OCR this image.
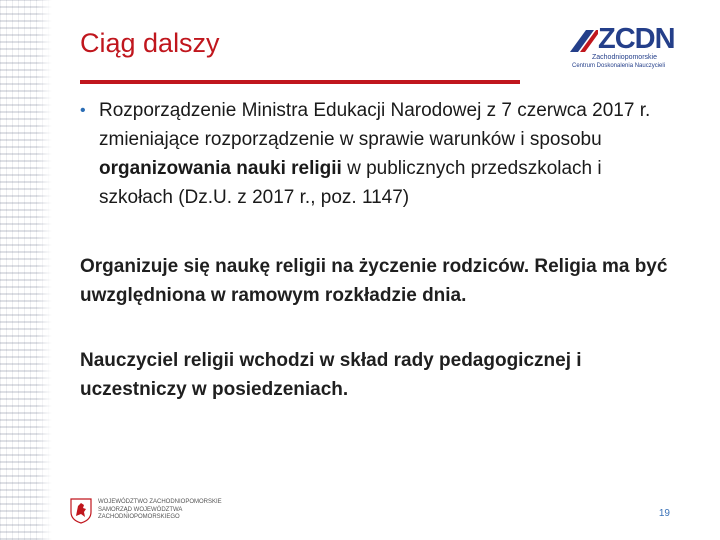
Ciąg dalszy	ZCDN
Zachodniopomorskie
Centrum Doskonalenia Nauczycieli
• Rozporządzenie Ministra Edukacji Narodowej z 7 czerwca 2017 r. zmieniające rozporządzenie w sprawie warunków i sposobu organizowania nauki religii w publicznych przedszkolach i szkołach (Dz.U. z 2017 r., poz. 1147)
Organizuje się naukę religii na życzenie rodziców. Religia ma być uwzględniona w ramowym rozkładzie dnia.
Nauczyciel religii wchodzi w skład rady pedagogicznej i uczestniczy w posiedzeniach.
WOJEWÓDZTWO ZACHODNIOPOMORSKIE
SAMORZĄD WOJEWÓDZTWA
ZACHODNIOPOMORSKIEGO	19
